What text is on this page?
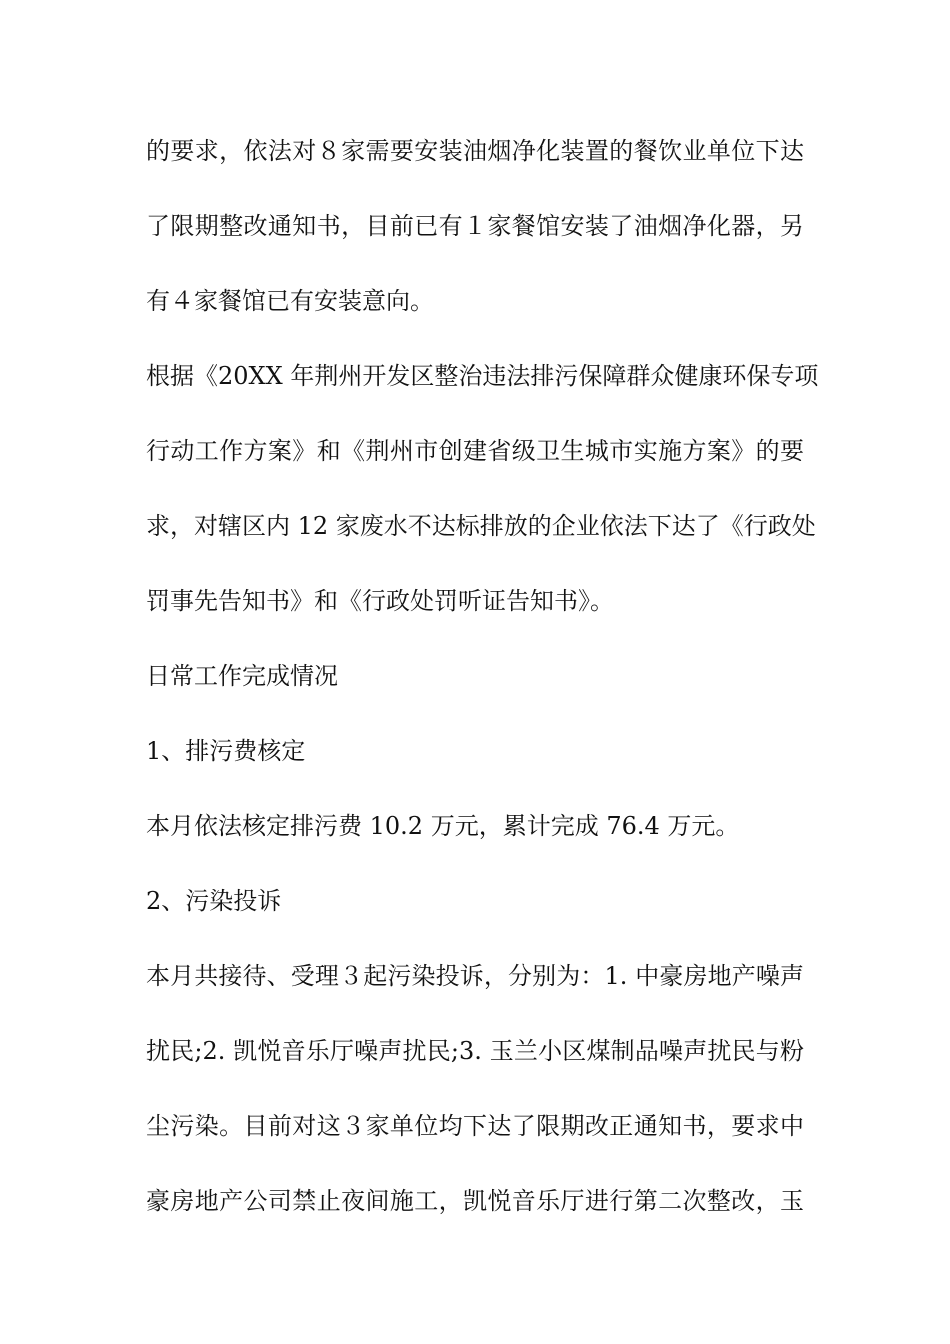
的要求，依法对８家需要安装油烟净化装置的餐饮业单位下达
了限期整改通知书，目前已有１家餐馆安装了油烟净化器，另
有４家餐馆已有安装意向。
根据《20XX 年荆州开发区整治违法排污保障群众健康环保专项
行动工作方案》和《荆州市创建省级卫生城市实施方案》的要
求，对辖区内 12 家废水不达标排放的企业依法下达了《行政处
罚事先告知书》和《行政处罚听证告知书》。
日常工作完成情况
1、排污费核定
本月依法核定排污费 10.2 万元，累计完成 76.4 万元。
2、污染投诉
本月共接待、受理３起污染投诉，分别为：1. 中豪房地产噪声
扰民;2. 凯悦音乐厅噪声扰民;3. 玉兰小区煤制品噪声扰民与粉
尘污染。目前对这３家单位均下达了限期改正通知书，要求中
豪房地产公司禁止夜间施工，凯悦音乐厅进行第二次整改，玉
